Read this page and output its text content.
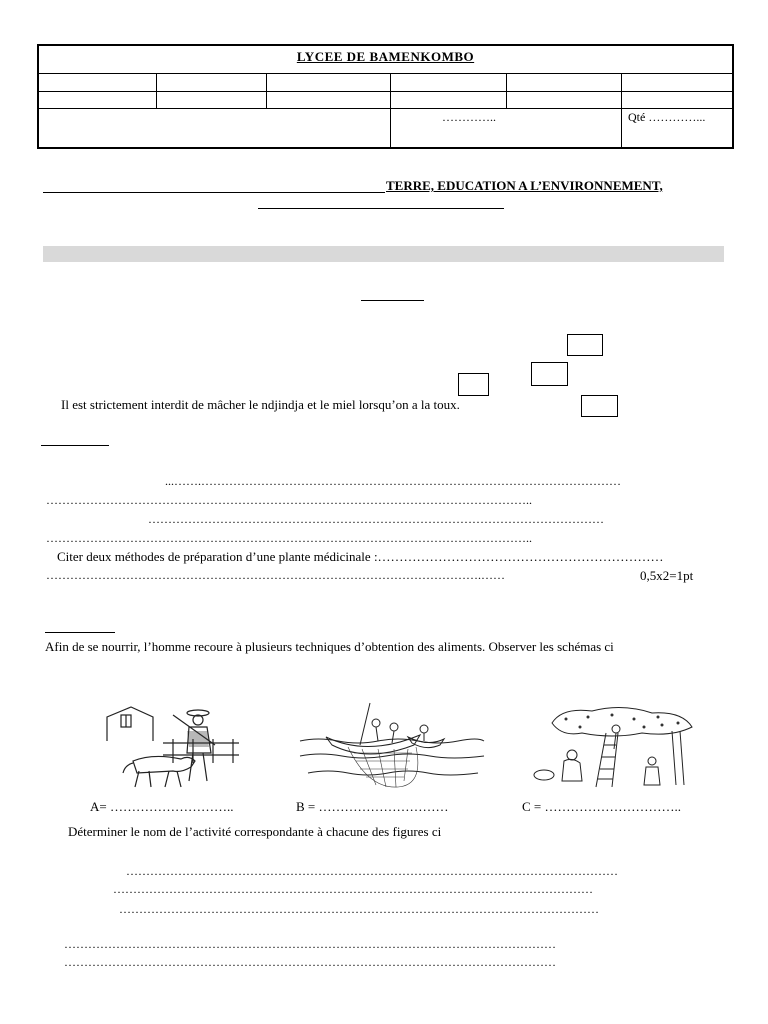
LYCEE DE BAMENKOMBO
…………..	Qté …………...
TERRE, EDUCATION A L’ENVIRONNEMENT,
Il est strictement interdit de mâcher le ndjindja et le miel lorsqu’on a la toux.
...…….……………………………………………………………………………………………
…………………………………………………………………………………………………………..
……………………………………………………………………………………………………
…………………………………………………………………………………………………………..
Citer deux méthodes de préparation d’une plante médicinale :…………………………………………………………
……………………………………………………………………………………………….……	0,5x2=1pt
Afin de se nourrir, l’homme recoure à plusieurs techniques d’obtention des aliments. Observer les schémas ci
A= ………………………..	B = …………………………	C = …………………………..
Déterminer le nom de l’activité correspondante à chacune des figures ci
……………………………………………………………………………………………………………
…………………………………………………………………………………………………………
…………………………………………………………………………………………………………
……………………………………………………………………………………………………………
……………………………………………………………………………………………………………
